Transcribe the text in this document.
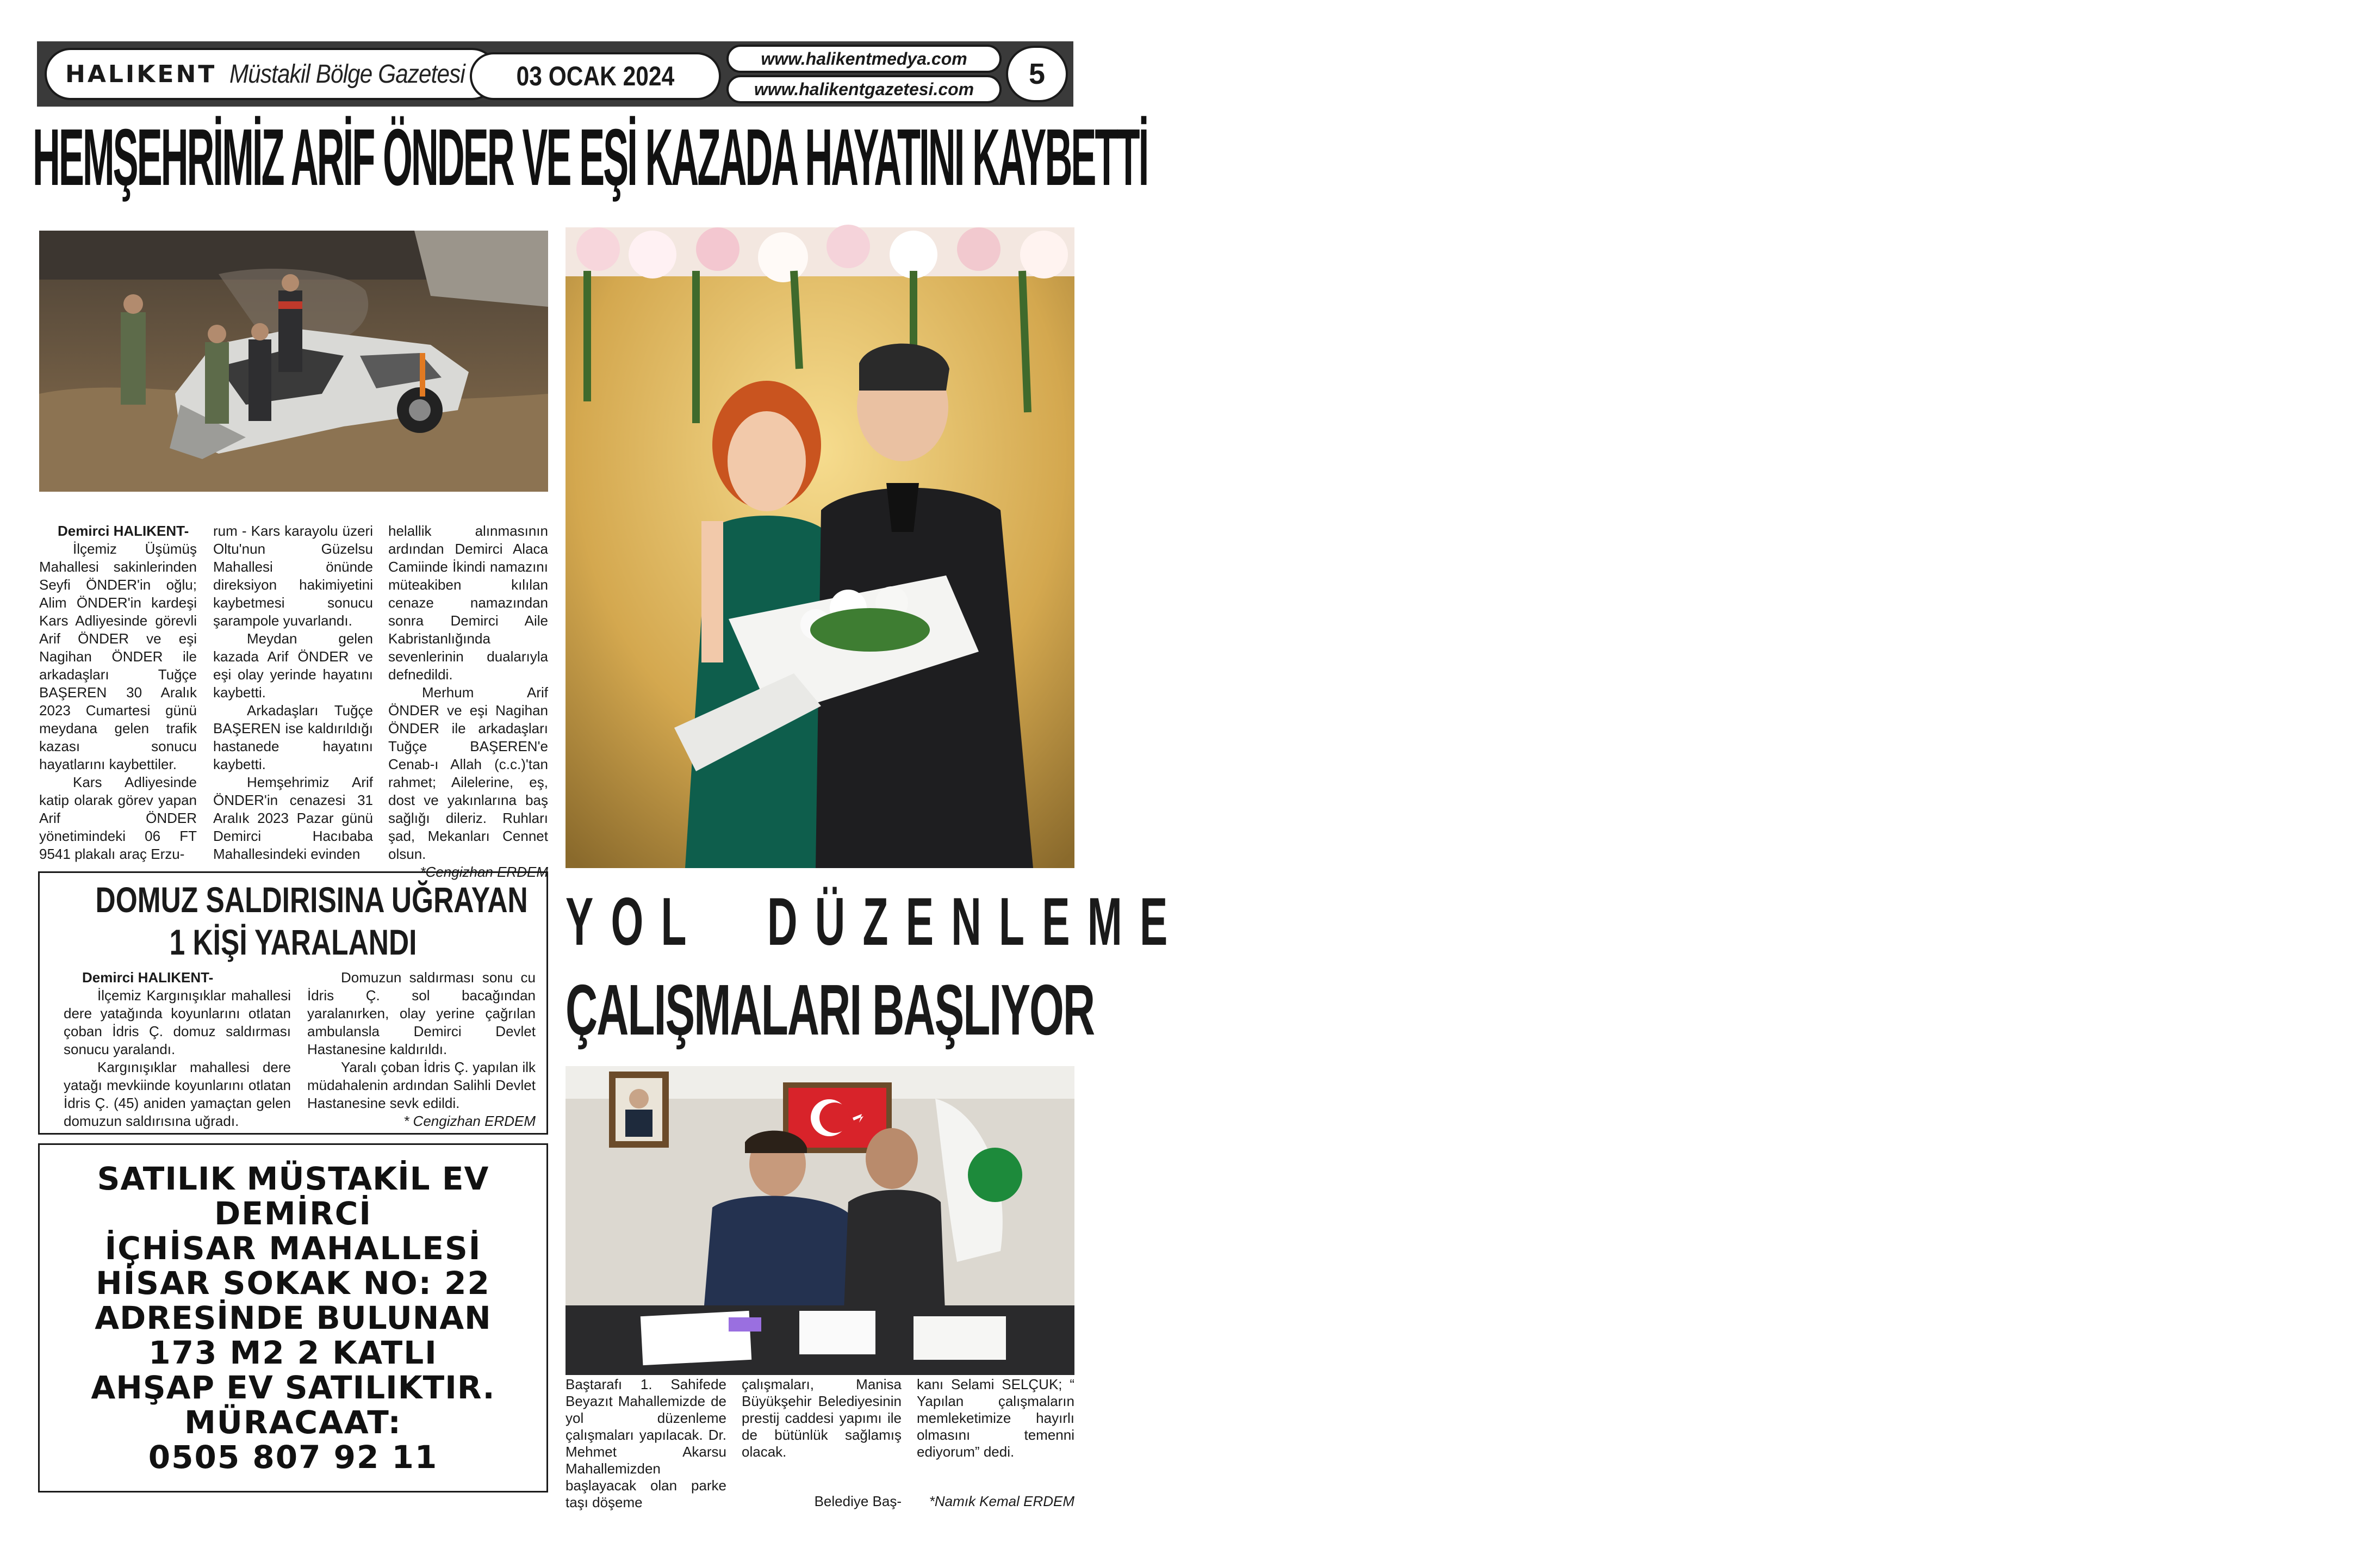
HALIKENT Müstakil Bölge Gazetesi 03 OCAK 2024
www.halikentmedya.com
www.halikentgazetesi.com 5
HEMŞEHRİMİZ ARİF ÖNDER VE EŞİ KAZADA HAYATINI KAYBETTİ

Demirci HALIKENT-

İlçemiz Üşümüş Mahallesi sakinlerinden Seyfi ÖNDER'in oğlu; Alim ÖNDER'in kardeşi Kars Adliyesinde görevli Arif ÖNDER ve eşi Nagihan ÖNDER ile arkadaşları Tuğçe BAŞEREN 30 Aralık 2023 Cumartesi günü meydana gelen trafik kazası sonucu hayatlarını kaybettiler.

Kars Adliyesinde katip olarak görev yapan Arif ÖNDER yönetimindeki 06 FT 9541 plakalı araç Erzu-

rum - Kars karayolu üzeri Oltu'nun Güzelsu Mahallesi önünde direksiyon hakimiyetini kaybetmesi sonucu şarampole yuvarlandı.

Meydan gelen kazada Arif ÖNDER ve eşi olay yerinde hayatını kaybetti.

Arkadaşları Tuğçe BAŞEREN ise kaldırıldığı hastanede hayatını kaybetti.

Hemşehrimiz Arif ÖNDER'in cenazesi 31 Aralık 2023 Pazar günü Demirci Hacıbaba Mahallesindeki evinden

helallik alınmasının ardından Demirci Alaca Camiinde İkindi namazını müteakiben kılılan cenaze namazından sonra Demirci Aile Kabristanlığında sevenlerinin dualarıyla defnedildi.

Merhum Arif ÖNDER ve eşi Nagihan ÖNDER ile arkadaşları Tuğçe BAŞEREN'e Cenab-ı Allah (c.c.)'tan rahmet; Ailelerine, eş, dost ve yakınlarına baş sağlığı dileriz. Ruhları şad, Mekanları Cennet olsun.

*Cengizhan ERDEM

DOMUZ SALDIRISINA UĞRAYAN
1 KİŞİ YARALANDI

Demirci HALIKENT-

İlçemiz Kargınışıklar mahallesi dere yatağında koyunlarını otlatan çoban İdris Ç. domuz saldırması sonucu yaralandı.

Kargınışıklar mahallesi dere yatağı mevkiinde koyunlarını otlatan İdris Ç. (45) aniden yamaçtan gelen domuzun saldırısına uğradı.

Domuzun saldırması sonu cu İdris Ç. sol bacağından yaralanırken, olay yerine çağrılan ambulansla Demirci Devlet Hastanesine kaldırıldı.

Yaralı çoban İdris Ç. yapılan ilk müdahalenin ardından Salihli Devlet Hastanesine sevk edildi.

* Cengizhan ERDEM

SATILIK MÜSTAKİL EV
DEMİRCİ
İÇHİSAR MAHALLESİ
HİSAR SOKAK NO: 22
ADRESİNDE BULUNAN
173 M2 2 KATLI
AHŞAP EV SATILIKTIR.
MÜRACAAT:
0505 807 92 11
YOL DÜZENLEME
ÇALIŞMALARI BAŞLIYOR

Baştarafı 1. Sahifede Beyazıt Mahallemizde de yol düzenleme çalışmaları yapılacak. Dr. Mehmet Akarsu Mahallemizden başlayacak olan parke taşı döşeme

çalışmaları, Manisa Büyükşehir Belediyesinin prestij caddesi yapımı ile de bütünlük sağlamış olacak.

Belediye Baş-

kanı Selami SELÇUK; “ Yapılan çalışmaların memleketimize hayırlı olmasını temenni ediyorum” dedi.

*Namık Kemal ERDEM
